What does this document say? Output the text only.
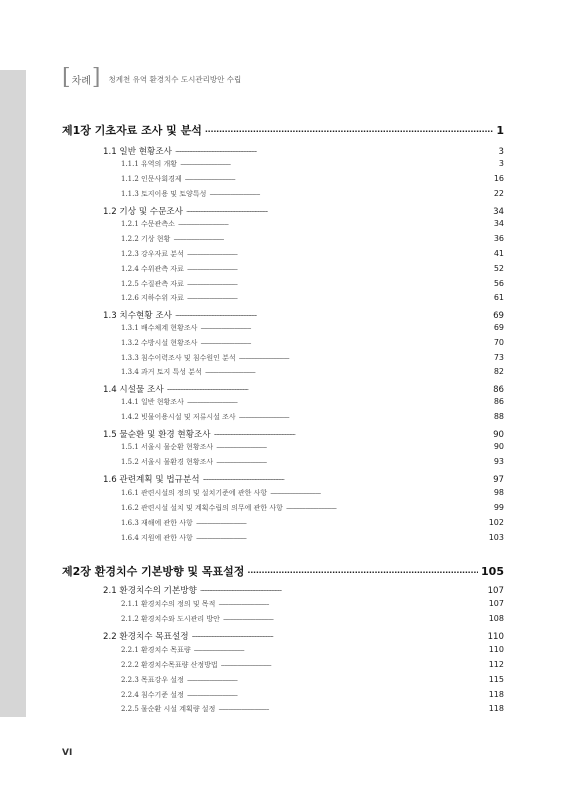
[ 차례 ] 청계천 유역 환경치수 도시관리방안 수립
제1장 기초자료 조사 및 분석 · · ·	1
1.1 일반 현황조사 · · ·	3
1.1.1 유역의 개황 · · ·	3
1.1.2 인문사회경제 · · ·	16
1.1.3 토지이용 및 토양특성 · · ·	22
1.2 기상 및 수문조사 · · ·	34
1.2.1 수문관측소 · · ·	34
1.2.2 기상 현황 · · ·	36
1.2.3 강우자료 분석 · · ·	41
1.2.4 수위관측 자료 · · ·	52
1.2.5 수질관측 자료 · · ·	56
1.2.6 지하수위 자료 · · ·	61
1.3 치수현황 조사 · · ·	69
1.3.1 배수체계 현황조사 · · ·	69
1.3.2 수방시설 현황조사 · · ·	70
1.3.3 침수이력조사 및 침수원인 분석 · · ·	73
1.3.4 과거 토지 특성 분석 · · ·	82
1.4 시설물 조사 · · ·	86
1.4.1 일반 현황조사 · · ·	86
1.4.2 빗물이용시설 및 저류시설 조사 · · ·	88
1.5 물순환 및 환경 현황조사 · · ·	90
1.5.1 서울시 물순환 현황조사 · · ·	90
1.5.2 서울시 물환경 현황조사 · · ·	93
1.6 관련계획 및 법규분석 · · ·	97
1.6.1 관련시설의 정의 및 설치기준에 관한 사항 · · ·	98
1.6.2 관련시설 설치 및 계획수립의 의무에 관한 사항 · · ·	99
1.6.3 재해에 관한 사항 · · ·	102
1.6.4 지원에 관한 사항 · · ·	103
제2장 환경치수 기본방향 및 목표설정 · · ·	105
2.1 환경치수의 기본방향 · · ·	107
2.1.1 환경치수의 정의 및 목적 · · ·	107
2.1.2 환경치수와 도시관리 방안 · · ·	108
2.2 환경치수 목표설정 · · ·	110
2.2.1 환경치수 목표량 · · ·	110
2.2.2 환경치수목표량 산정방법 · · ·	112
2.2.3 목표강우 설정 · · ·	115
2.2.4 침수기준 설정 · · ·	118
2.2.5 물순환 시설 계획량 설정 · · ·	118
VI
